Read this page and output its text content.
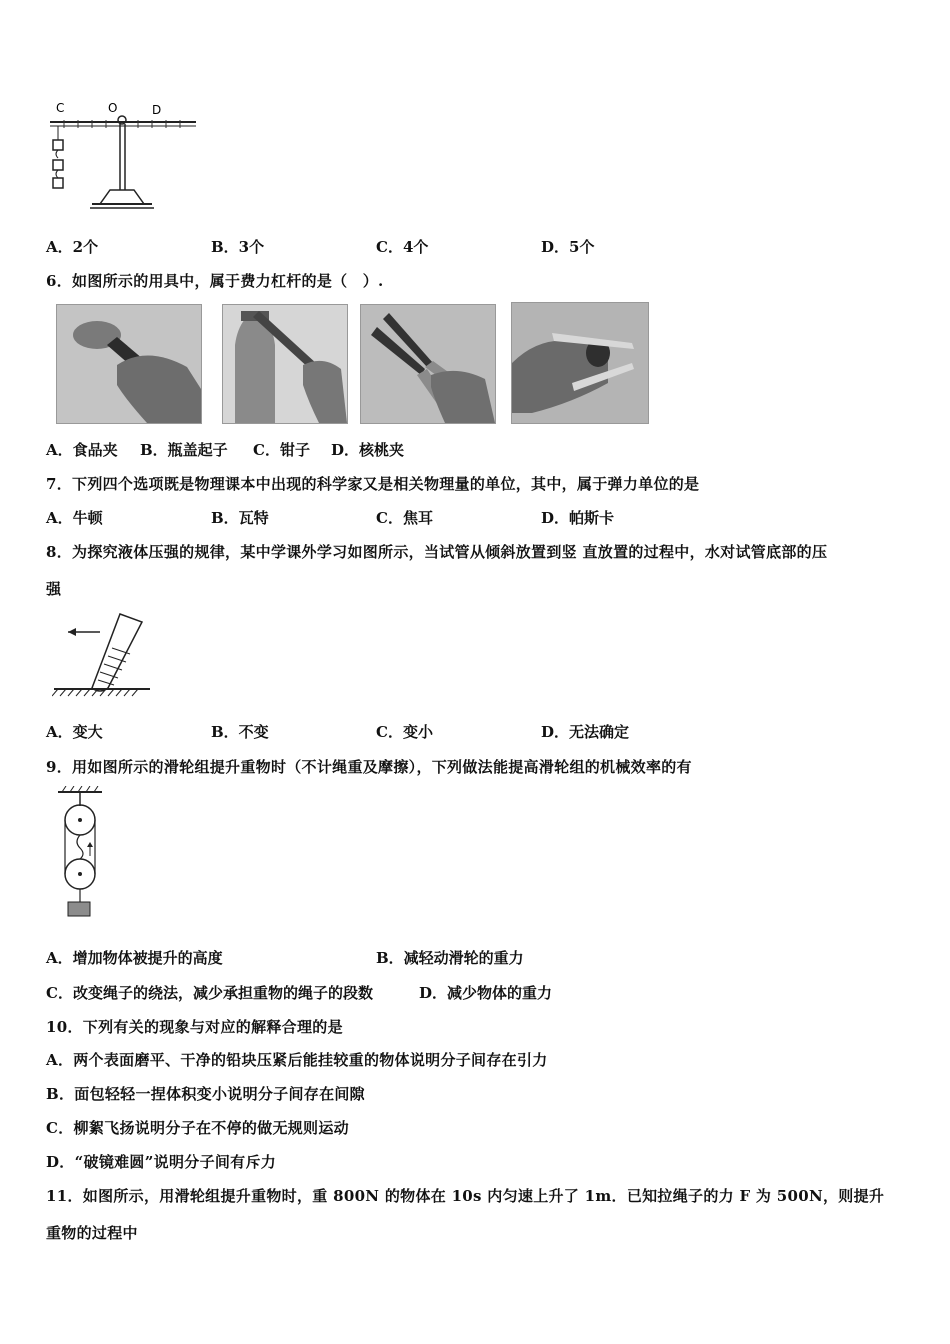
C	O	D
A．2个	B．3个	C．4个	D．5个
6．如图所示的用具中，属于费力杠杆的是（　）.
A．食品夹 B．瓶盖起子 C．钳子 D．核桃夹
7．下列四个选项既是物理课本中出现的科学家又是相关物理量的单位，其中，属于弹力单位的是
A．牛顿	B．瓦特	C．焦耳	D．帕斯卡
8．为探究液体压强的规律，某中学课外学习如图所示，当试管从倾斜放置到竖 直放置的过程中，水对试管底部的压
强
A．变大	B．不变	C．变小	D．无法确定
9．用如图所示的滑轮组提升重物时（不计绳重及摩擦），下列做法能提高滑轮组的机械效率的有
A．增加物体被提升的高度	B．减轻动滑轮的重力
C．改变绳子的绕法，减少承担重物的绳子的段数	D．减少物体的重力
10．下列有关的现象与对应的解释合理的是
A．两个表面磨平、干净的铅块压紧后能挂较重的物体说明分子间存在引力
B．面包轻轻一捏体积变小说明分子间存在间隙
C．柳絮飞扬说明分子在不停的做无规则运动
D．“破镜难圆”说明分子间有斥力
11．如图所示，用滑轮组提升重物时，重 800N 的物体在 10s 内匀速上升了 1m．已知拉绳子的力 F 为 500N，则提升
重物的过程中
